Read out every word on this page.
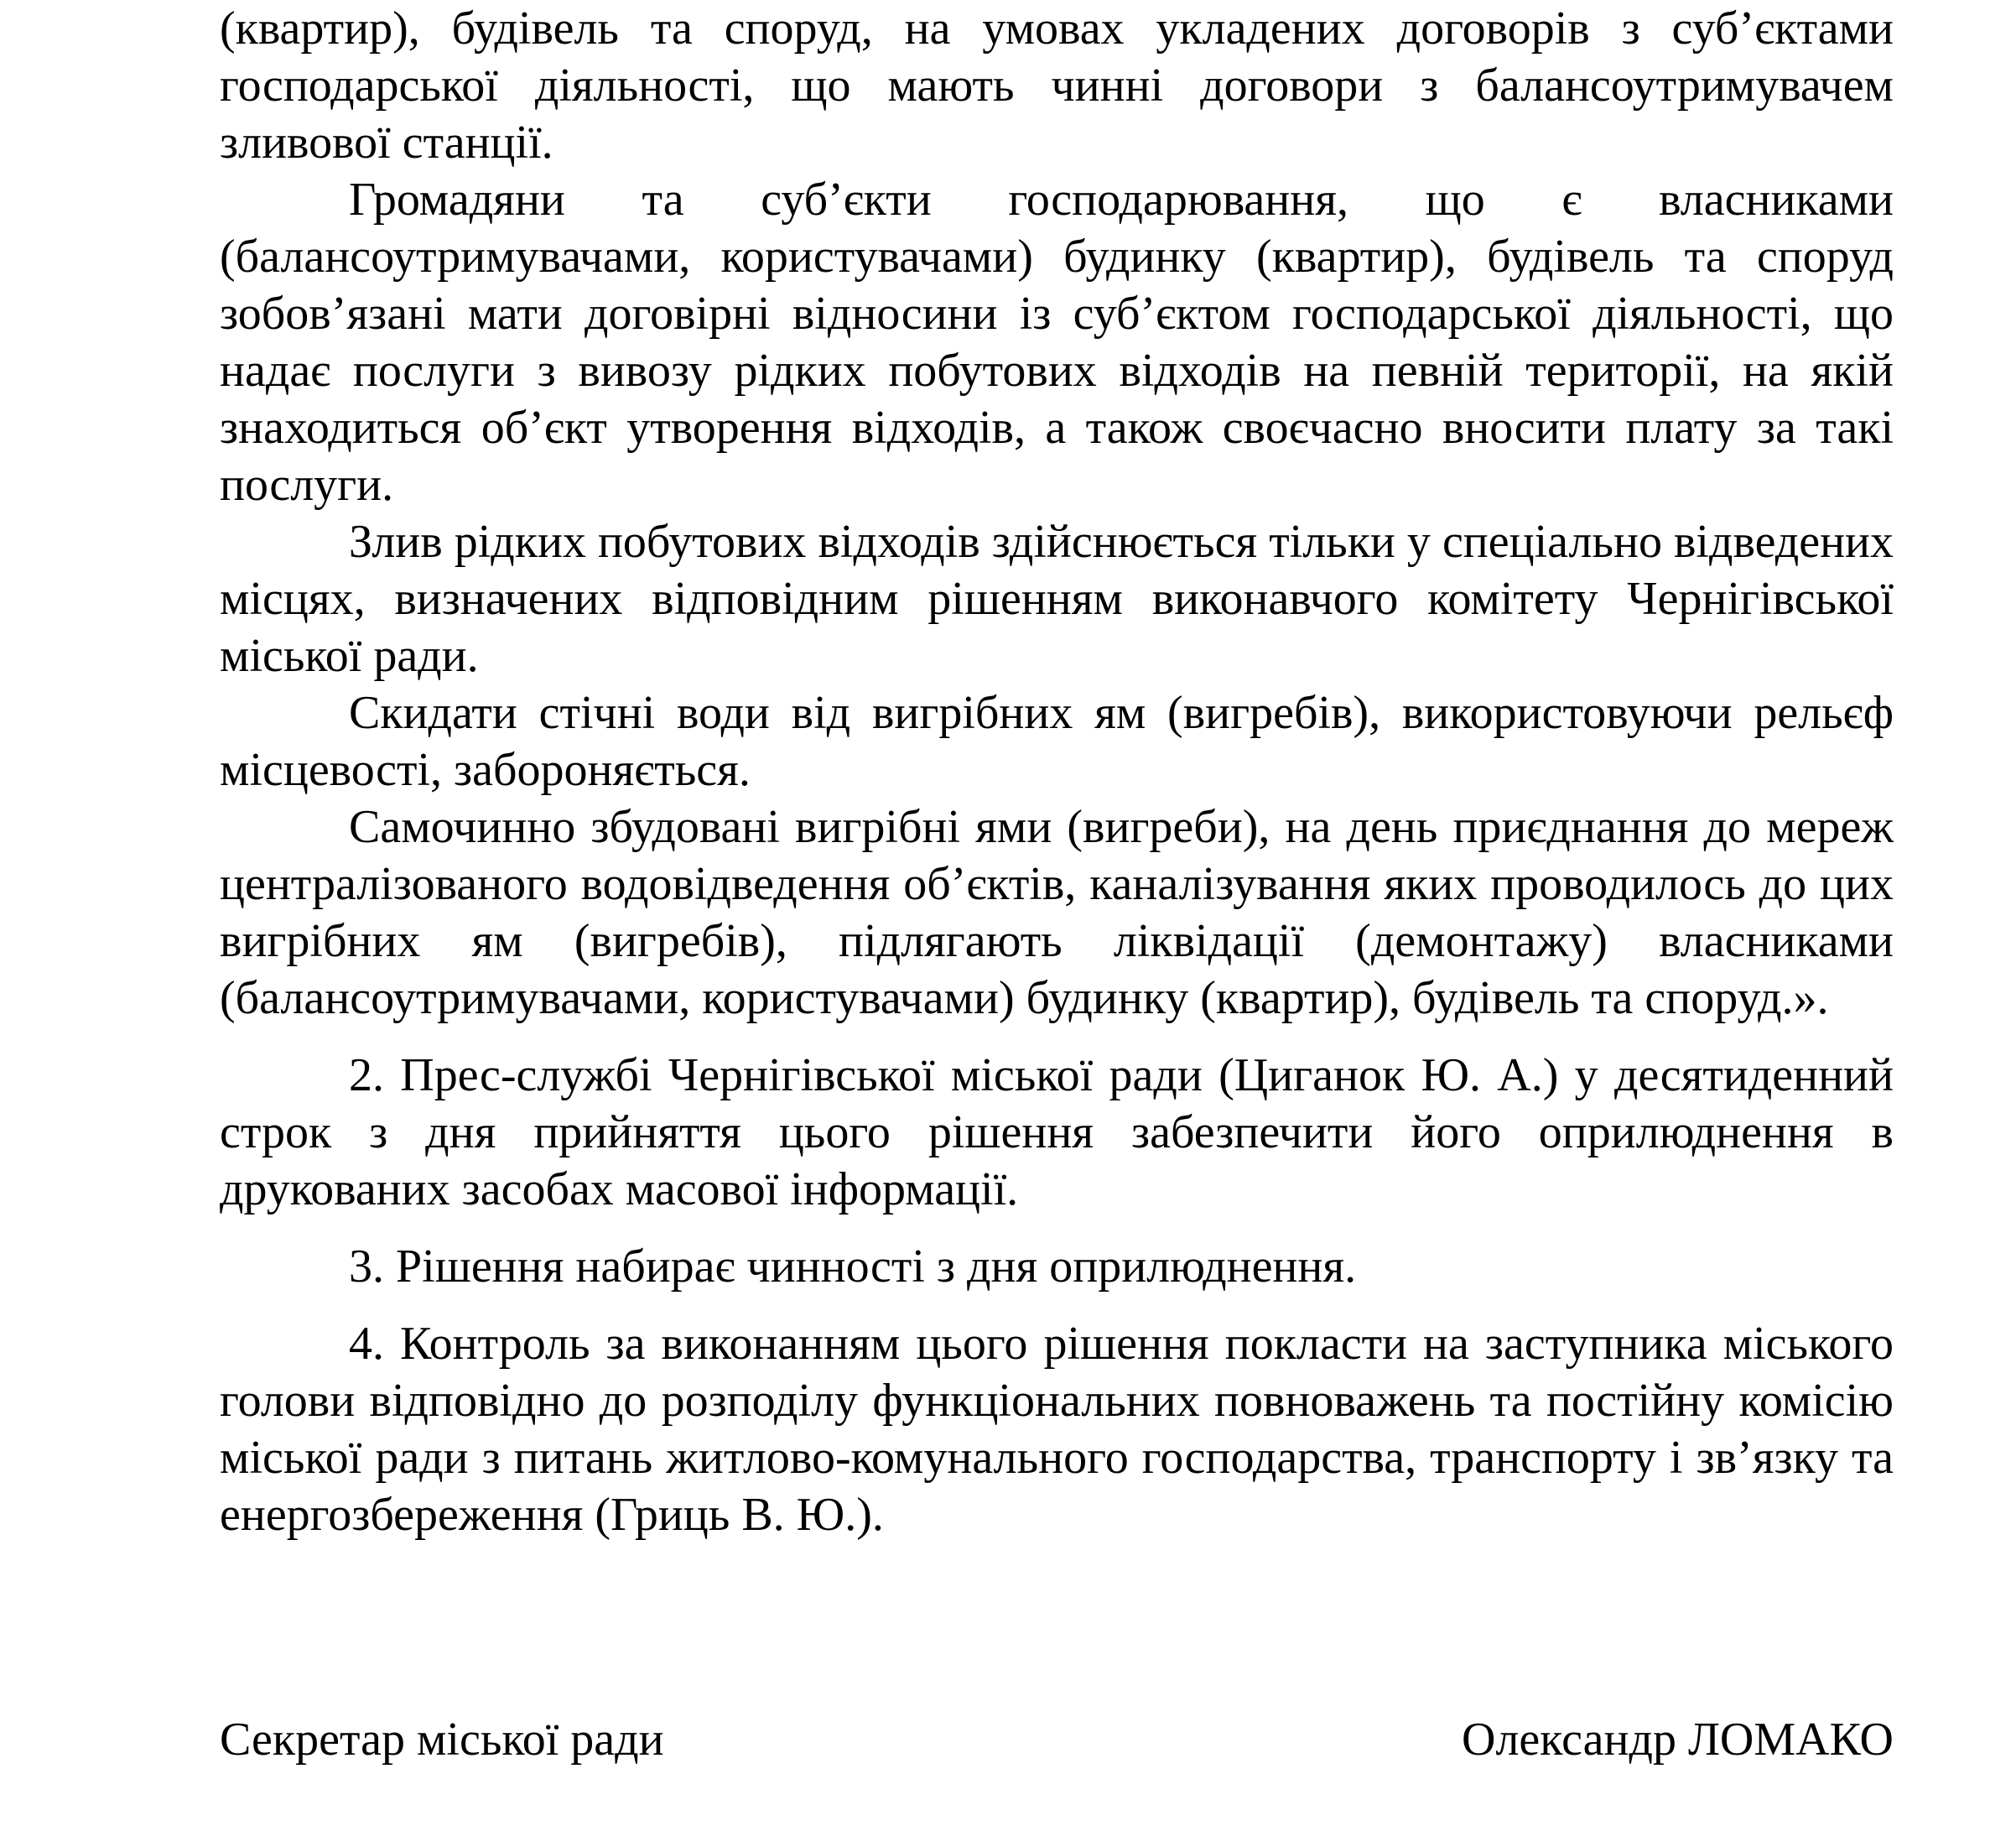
(квартир), будівель та споруд, на умовах укладених договорів з суб’єктами господарської діяльності, що мають чинні договори з балансоутримувачем зливової станції.

Громадяни та суб’єкти господарювання, що є власниками (балансоутримувачами, користувачами) будинку (квартир), будівель та споруд зобов’язані мати договірні відносини із суб’єктом господарської діяльності, що надає послуги з вивозу рідких побутових відходів на певній території, на якій знаходиться об’єкт утворення відходів, а також своєчасно вносити плату за такі послуги.

Злив рідких побутових відходів здійснюється тільки у спеціально відведених місцях, визначених відповідним рішенням виконавчого комітету Чернігівської міської ради.

Скидати стічні води від вигрібних ям (вигребів), використовуючи рельєф місцевості, забороняється.

Самочинно збудовані вигрібні ями (вигреби), на день приєднання до мереж централізованого водовідведення об’єктів, каналізування яких проводилось до цих вигрібних ям (вигребів), підлягають ліквідації (демонтажу) власниками (балансоутримувачами, користувачами) будинку (квартир), будівель та споруд.».

2. Прес-службі Чернігівської міської ради (Циганок Ю. А.) у десятиденний строк з дня прийняття цього рішення забезпечити його оприлюднення в друкованих засобах масової інформації.

3. Рішення набирає чинності з дня оприлюднення.

4. Контроль за виконанням цього рішення покласти на заступника міського голови відповідно до розподілу функціональних повноважень та постійну комісію міської ради з питань житлово-комунального господарства, транспорту і зв’язку та енергозбереження (Гриць В. Ю.).

Секретар міської ради	Олександр ЛОМАКО
